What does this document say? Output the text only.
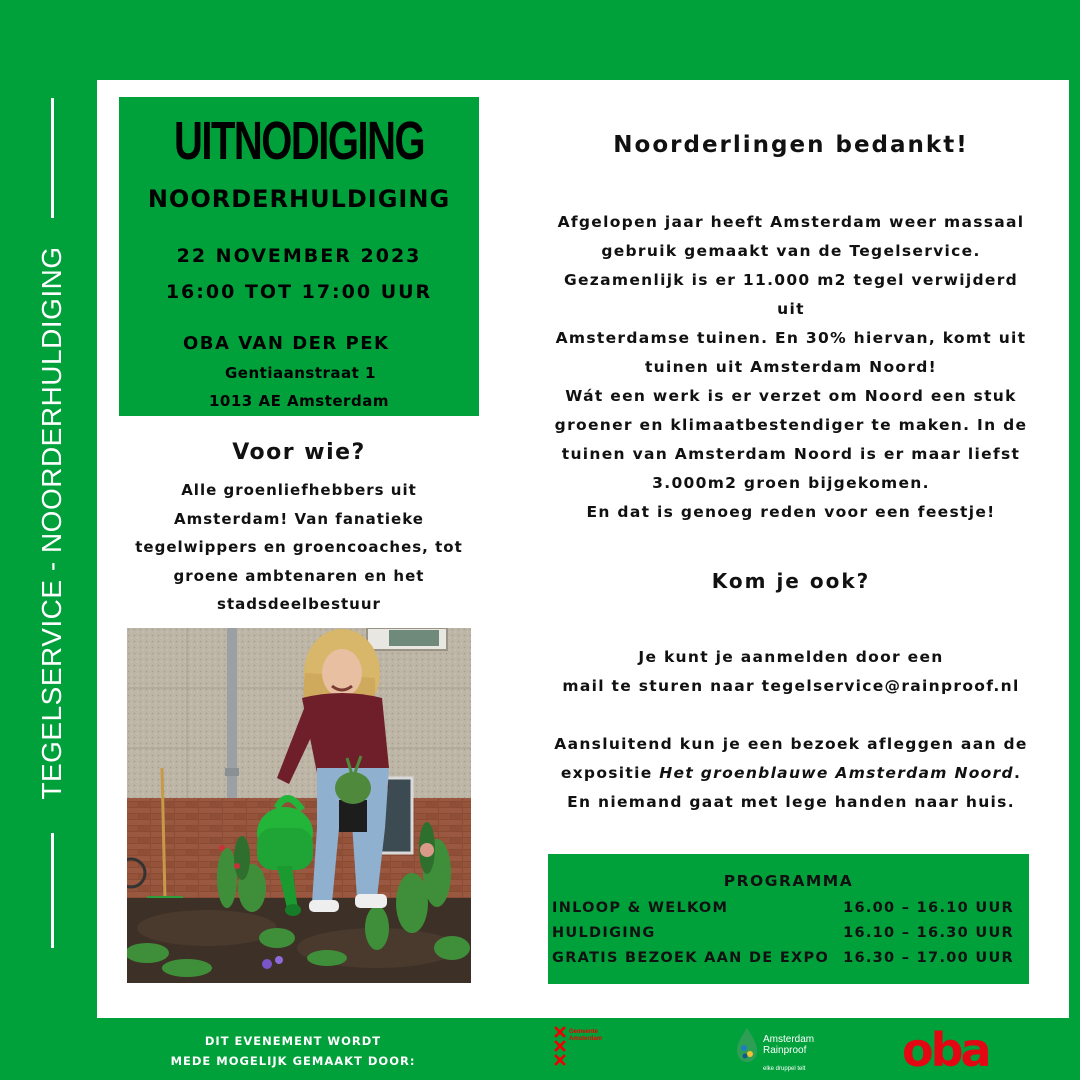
TEGELSERVICE - NOORDERHULDIGING
UITNODIGING
NOORDERHULDIGING
22 NOVEMBER 2023
16:00 TOT 17:00 UUR
OBA VAN DER PEK
Gentiaanstraat 1
1013 AE Amsterdam
Voor wie?
Alle groenliefhebbers uit
Amsterdam! Van fanatieke
tegelwippers en groencoaches, tot
groene ambtenaren en het
stadsdeelbestuur
Noorderlingen bedankt!
Afgelopen jaar heeft Amsterdam weer massaal
gebruik gemaakt van de Tegelservice.
Gezamenlijk is er 11.000 m2 tegel verwijderd uit
Amsterdamse tuinen. En 30% hiervan, komt uit
tuinen uit Amsterdam Noord!
Wát een werk is er verzet om Noord een stuk
groener en klimaatbestendiger te maken. In de
tuinen van Amsterdam Noord is er maar liefst
3.000m2 groen bijgekomen.
En dat is genoeg reden voor een feestje!
Kom je ook?
Je kunt je aanmelden door een
mail te sturen naar tegelservice@rainproof.nl
Aansluitend kun je een bezoek afleggen aan de
expositie Het groenblauwe Amsterdam Noord.
En niemand gaat met lege handen naar huis.
PROGRAMMA
INLOOP & WELKOM	16.00 – 16.10 UUR
HULDIGING	16.10 – 16.30 UUR
GRATIS BEZOEK AAN DE EXPO 16.30 – 17.00 UUR
DIT EVENEMENT WORDT
MEDE MOGELIJK GEMAAKT DOOR:
Gemeente
Amsterdam	Amsterdam
Rainproof
elke druppel telt oba
